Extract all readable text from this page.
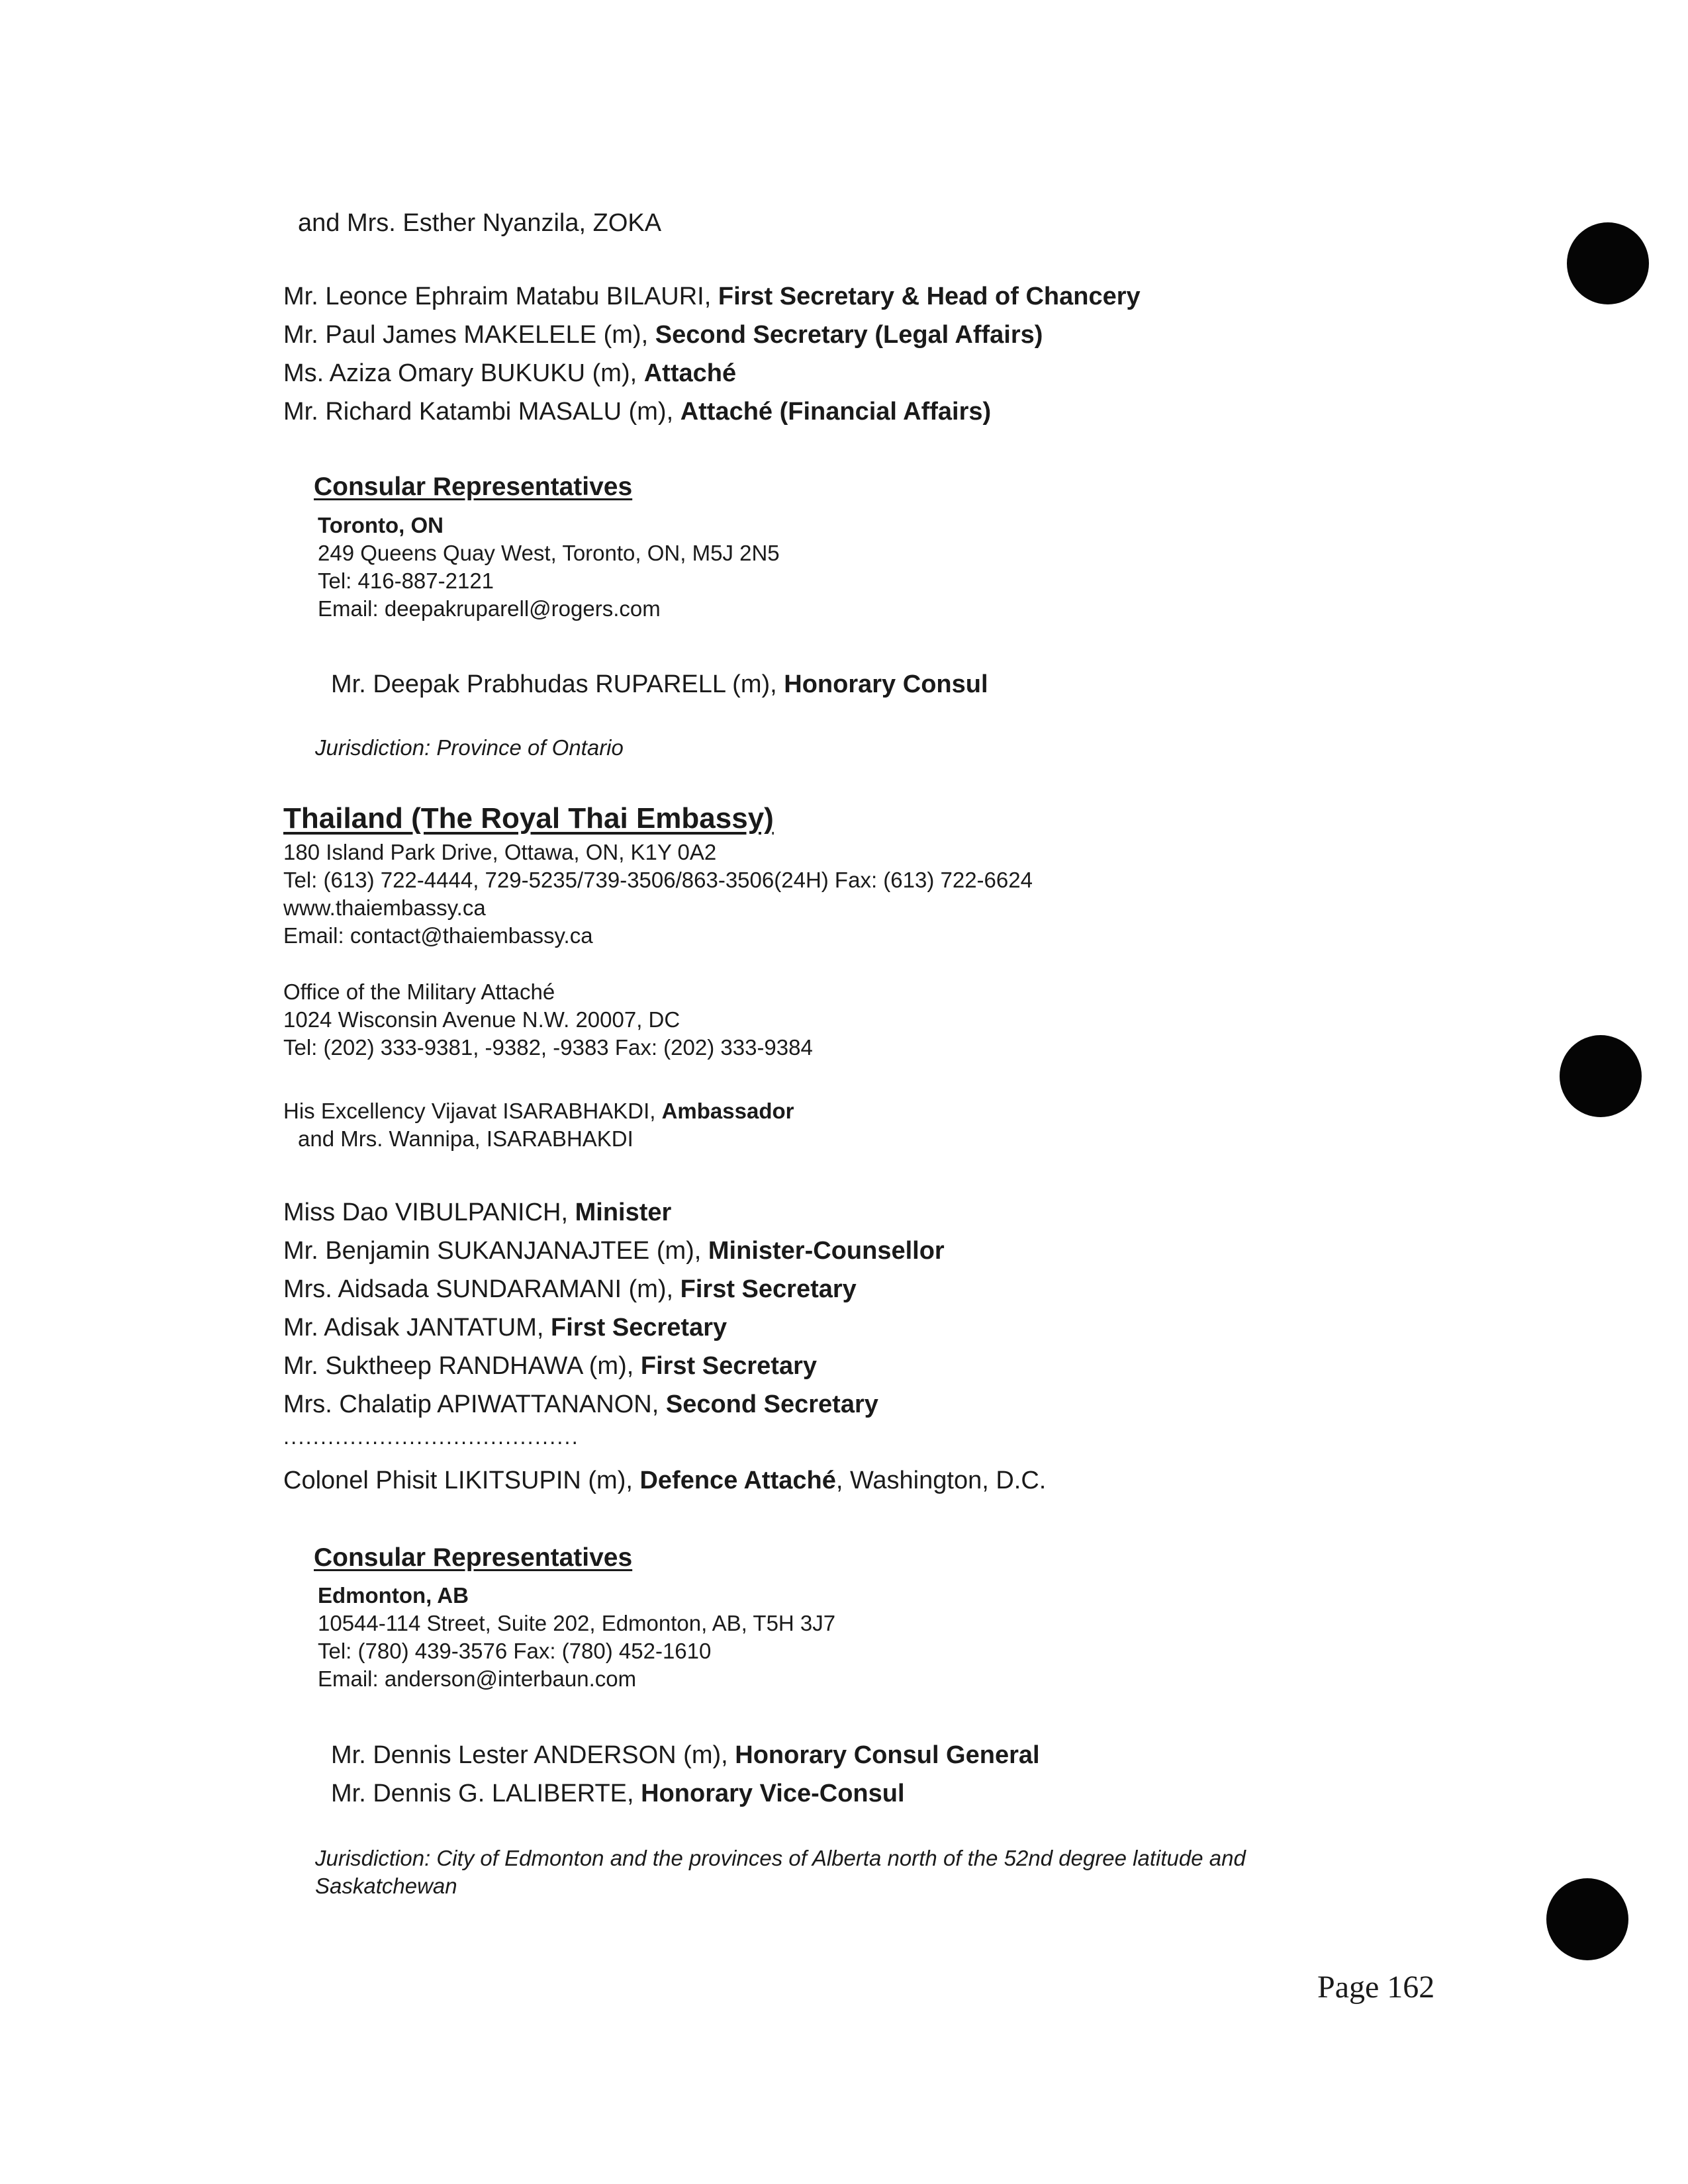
and Mrs. Esther Nyanzila, ZOKA
Mr. Leonce Ephraim Matabu BILAURI, First Secretary & Head of Chancery
Mr. Paul James MAKELELE (m), Second Secretary (Legal Affairs)
Ms. Aziza Omary BUKUKU (m), Attaché
Mr. Richard Katambi MASALU (m), Attaché (Financial Affairs)
Consular Representatives
Toronto, ON
249 Queens Quay West, Toronto, ON, M5J 2N5
Tel: 416-887-2121
Email: deepakruparell@rogers.com
Mr. Deepak Prabhudas RUPARELL (m), Honorary Consul
Jurisdiction: Province of Ontario
Thailand (The Royal Thai Embassy)
180 Island Park Drive, Ottawa, ON, K1Y 0A2
Tel: (613) 722-4444, 729-5235/739-3506/863-3506(24H) Fax: (613) 722-6624
www.thaiembassy.ca
Email: contact@thaiembassy.ca
Office of the Military Attaché
1024 Wisconsin Avenue N.W. 20007, DC
Tel: (202) 333-9381, -9382, -9383 Fax: (202) 333-9384
His Excellency Vijavat ISARABHAKDI, Ambassador
and Mrs. Wannipa, ISARABHAKDI
Miss Dao VIBULPANICH, Minister
Mr. Benjamin SUKANJANAJTEE (m), Minister-Counsellor
Mrs. Aidsada SUNDARAMANI (m), First Secretary
Mr. Adisak JANTATUM, First Secretary
Mr. Suktheep RANDHAWA (m), First Secretary
Mrs. Chalatip APIWATTANANON, Second Secretary
........................................
Colonel Phisit LIKITSUPIN (m), Defence Attaché, Washington, D.C.
Consular Representatives
Edmonton, AB
10544-114 Street, Suite 202, Edmonton, AB, T5H 3J7
Tel: (780) 439-3576 Fax: (780) 452-1610
Email: anderson@interbaun.com
Mr. Dennis Lester ANDERSON (m), Honorary Consul General
Mr. Dennis G. LALIBERTE, Honorary Vice-Consul
Jurisdiction: City of Edmonton and the provinces of Alberta north of the 52nd degree latitude and
Saskatchewan
Page 162
